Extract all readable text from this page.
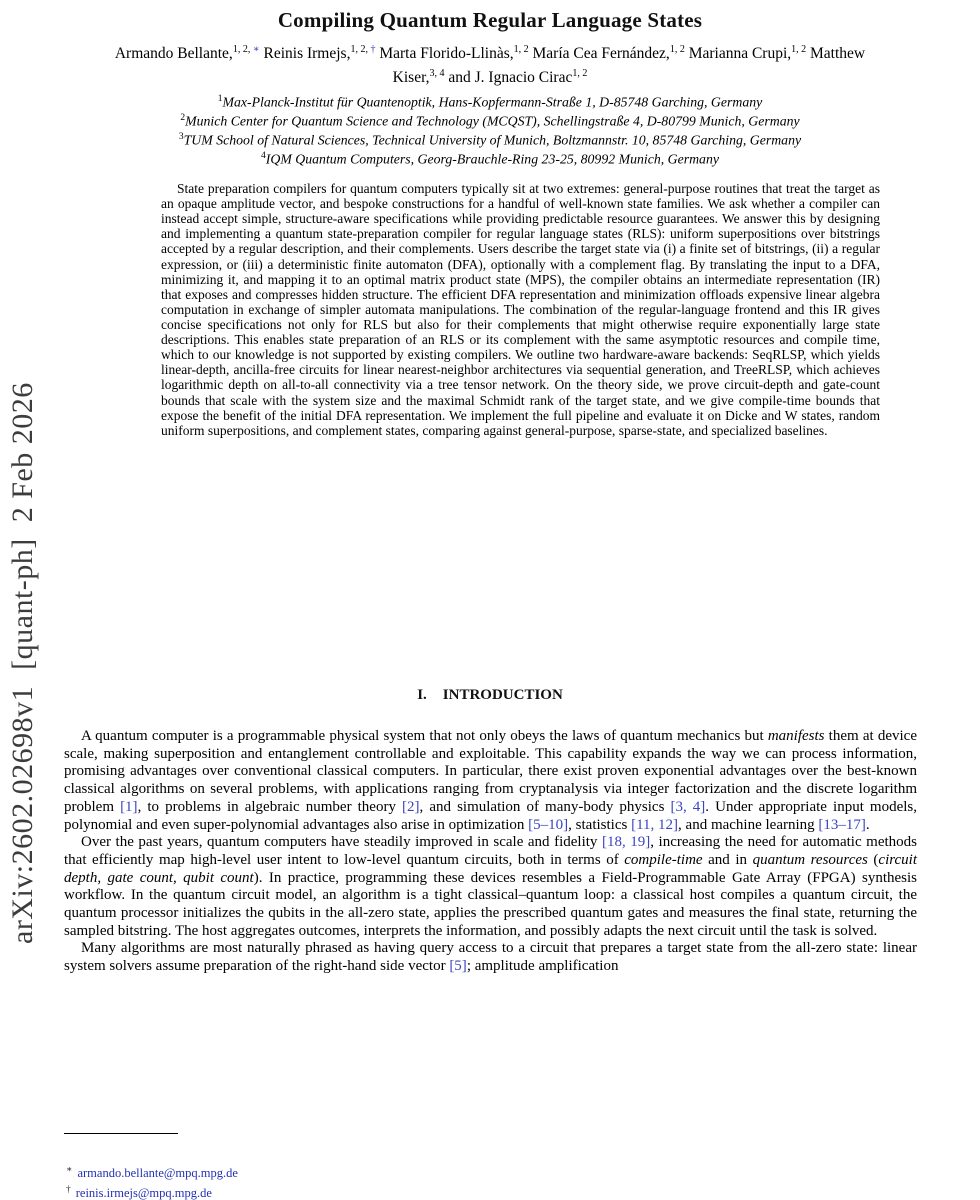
arXiv:2602.02698v1  [quant-ph]  2 Feb 2026
Compiling Quantum Regular Language States
Armando Bellante,$^{1, 2, ∗}$ Reinis Irmejs,$^{1, 2, \dagger}$ Marta Florido-Llinàs,$^{1, 2}$ María Cea Fernández,$^{1, 2}$ Marianna Crupi,$^{1, 2}$ Matthew Kiser,$^{3, 4}$ and J. Ignacio Cirac$^{1, 2}$
$^1$Max-Planck-Institut für Quantenoptik, Hans-Kopfermann-Straße 1, D-85748 Garching, Germany
$^2$Munich Center for Quantum Science and Technology (MCQST), Schellingstraße 4, D-80799 Munich, Germany
$^3$TUM School of Natural Sciences, Technical University of Munich, Boltzmannstr. 10, 85748 Garching, Germany
$^4$IQM Quantum Computers, Georg-Brauchle-Ring 23-25, 80992 Munich, Germany
State preparation compilers for quantum computers typically sit at two extremes: general-purpose routines that treat the target as an opaque amplitude vector, and bespoke constructions for a handful of well-known state families. We ask whether a compiler can instead accept simple, structure-aware specifications while providing predictable resource guarantees. We answer this by designing and implementing a quantum state-preparation compiler for regular language states (RLS): uniform superpositions over bitstrings accepted by a regular description, and their complements. Users describe the target state via (i) a finite set of bitstrings, (ii) a regular expression, or (iii) a deterministic finite automaton (DFA), optionally with a complement flag. By translating the input to a DFA, minimizing it, and mapping it to an optimal matrix product state (MPS), the compiler obtains an intermediate representation (IR) that exposes and compresses hidden structure. The efficient DFA representation and minimization offloads expensive linear algebra computation in exchange of simpler automata manipulations. The combination of the regular-language frontend and this IR gives concise specifications not only for RLS but also for their complements that might otherwise require exponentially large state descriptions. This enables state preparation of an RLS or its complement with the same asymptotic resources and compile time, which to our knowledge is not supported by existing compilers. We outline two hardware-aware backends: SeqRLSP, which yields linear-depth, ancilla-free circuits for linear nearest-neighbor architectures via sequential generation, and TreeRLSP, which achieves logarithmic depth on all-to-all connectivity via a tree tensor network. On the theory side, we prove circuit-depth and gate-count bounds that scale with the system size and the maximal Schmidt rank of the target state, and we give compile-time bounds that expose the benefit of the initial DFA representation. We implement the full pipeline and evaluate it on Dicke and W states, random uniform superpositions, and complement states, comparing against general-purpose, sparse-state, and specialized baselines.
I. INTRODUCTION

A quantum computer is a programmable physical system that not only obeys the laws of quantum mechanics but manifests them at device scale, making superposition and entanglement controllable and exploitable. This capability expands the way we can process information, promising advantages over conventional classical computers. In particular, there exist proven exponential advantages over the best-known classical algorithms on several problems, with applications ranging from cryptanalysis via integer factorization and the discrete logarithm problem [1], to problems in algebraic number theory [2], and simulation of many-body physics [3, 4]. Under appropriate input models, polynomial and even super-polynomial advantages also arise in optimization [5–10], statistics [11, 12], and machine learning [13–17].

Over the past years, quantum computers have steadily improved in scale and fidelity [18, 19], increasing the need for automatic methods that efficiently map high-level user intent to low-level quantum circuits, both in terms of compile-time and in quantum resources (circuit depth, gate count, qubit count). In practice, programming these devices resembles a Field-Programmable Gate Array (FPGA) synthesis workflow. In the quantum circuit model, an algorithm is a tight classical–quantum loop: a classical host compiles a quantum circuit, the quantum processor initializes the qubits in the all-zero state, applies the prescribed quantum gates and measures the final state, returning the sampled bitstring. The host aggregates outcomes, interprets the information, and possibly adapts the next circuit until the task is solved.

Many algorithms are most naturally phrased as having query access to a circuit that prepares a target state from the all-zero state: linear system solvers assume preparation of the right-hand side vector [5]; amplitude amplification

∗ armando.bellante@mpq.mpg.de
† reinis.irmejs@mpq.mpg.de
